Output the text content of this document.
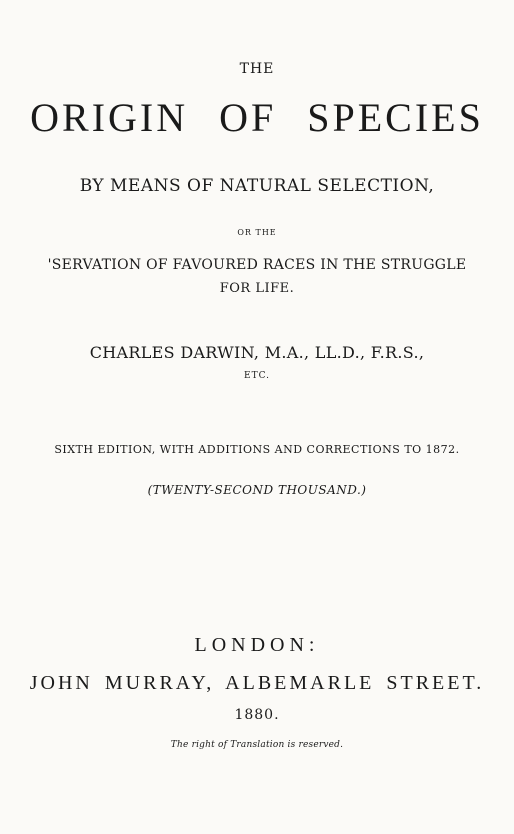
THE
ORIGIN OF SPECIES
BY MEANS OF NATURAL SELECTION,
OR THE
'SERVATION OF FAVOURED RACES IN THE STRUGGLE
FOR LIFE.
CHARLES DARWIN, M.A., LL.D., F.R.S.,
ETC.
SIXTH EDITION, WITH ADDITIONS AND CORRECTIONS TO 1872.
(TWENTY-SECOND THOUSAND.)
LONDON:
JOHN MURRAY, ALBEMARLE STREET.
1880.
The right of Translation is reserved.
